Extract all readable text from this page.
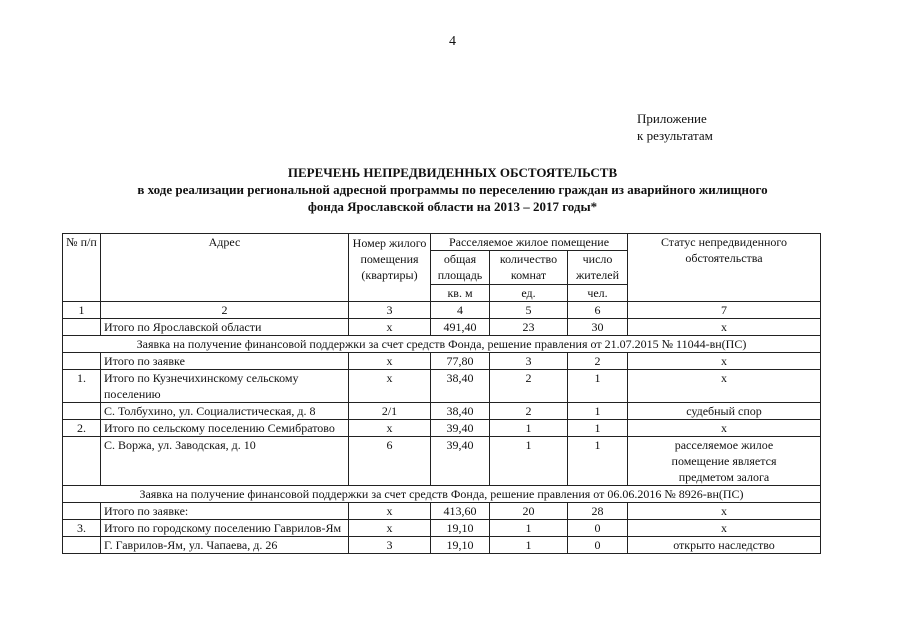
4
Приложение
к результатам
ПЕРЕЧЕНЬ НЕПРЕДВИДЕННЫХ ОБСТОЯТЕЛЬСТВ
в ходе реализации региональной адресной программы по переселению граждан из аварийного жилищного
фонда Ярославской области на 2013 – 2017 годы*
№ п/п	Адрес	Номер жилого помещения (квартиры)	Расселяемое жилое помещение			Статус непредвиденного обстоятельства
			общая площадь	количество комнат	число жителей	
			кв. м	ед.	чел.	
1	2	3	4	5	6	7
	Итого по Ярославской области	х	491,40	23	30	х
Заявка на получение финансовой поддержки за счет средств Фонда, решение правления от 21.07.2015 № 11044-вн(ПС)						
	Итого по заявке	х	77,80	3	2	х
1.	Итого по Кузнечихинскому сельскому поселению	х	38,40	2	1	х
	С. Толбухино, ул. Социалистическая, д. 8	2/1	38,40	2	1	судебный спор
2.	Итого по сельскому поселению Семибратово	х	39,40	1	1	х
	С. Воржа, ул. Заводская, д. 10	6	39,40	1	1	расселяемое жилое помещение является предметом залога
Заявка на получение финансовой поддержки за счет средств Фонда, решение правления от 06.06.2016 № 8926-вн(ПС)						
	Итого по заявке:	х	413,60	20	28	х
3.	Итого по городскому поселению Гаврилов-Ям	х	19,10	1	0	х
	Г. Гаврилов-Ям, ул. Чапаева, д. 26	3	19,10	1	0	открыто наследство
